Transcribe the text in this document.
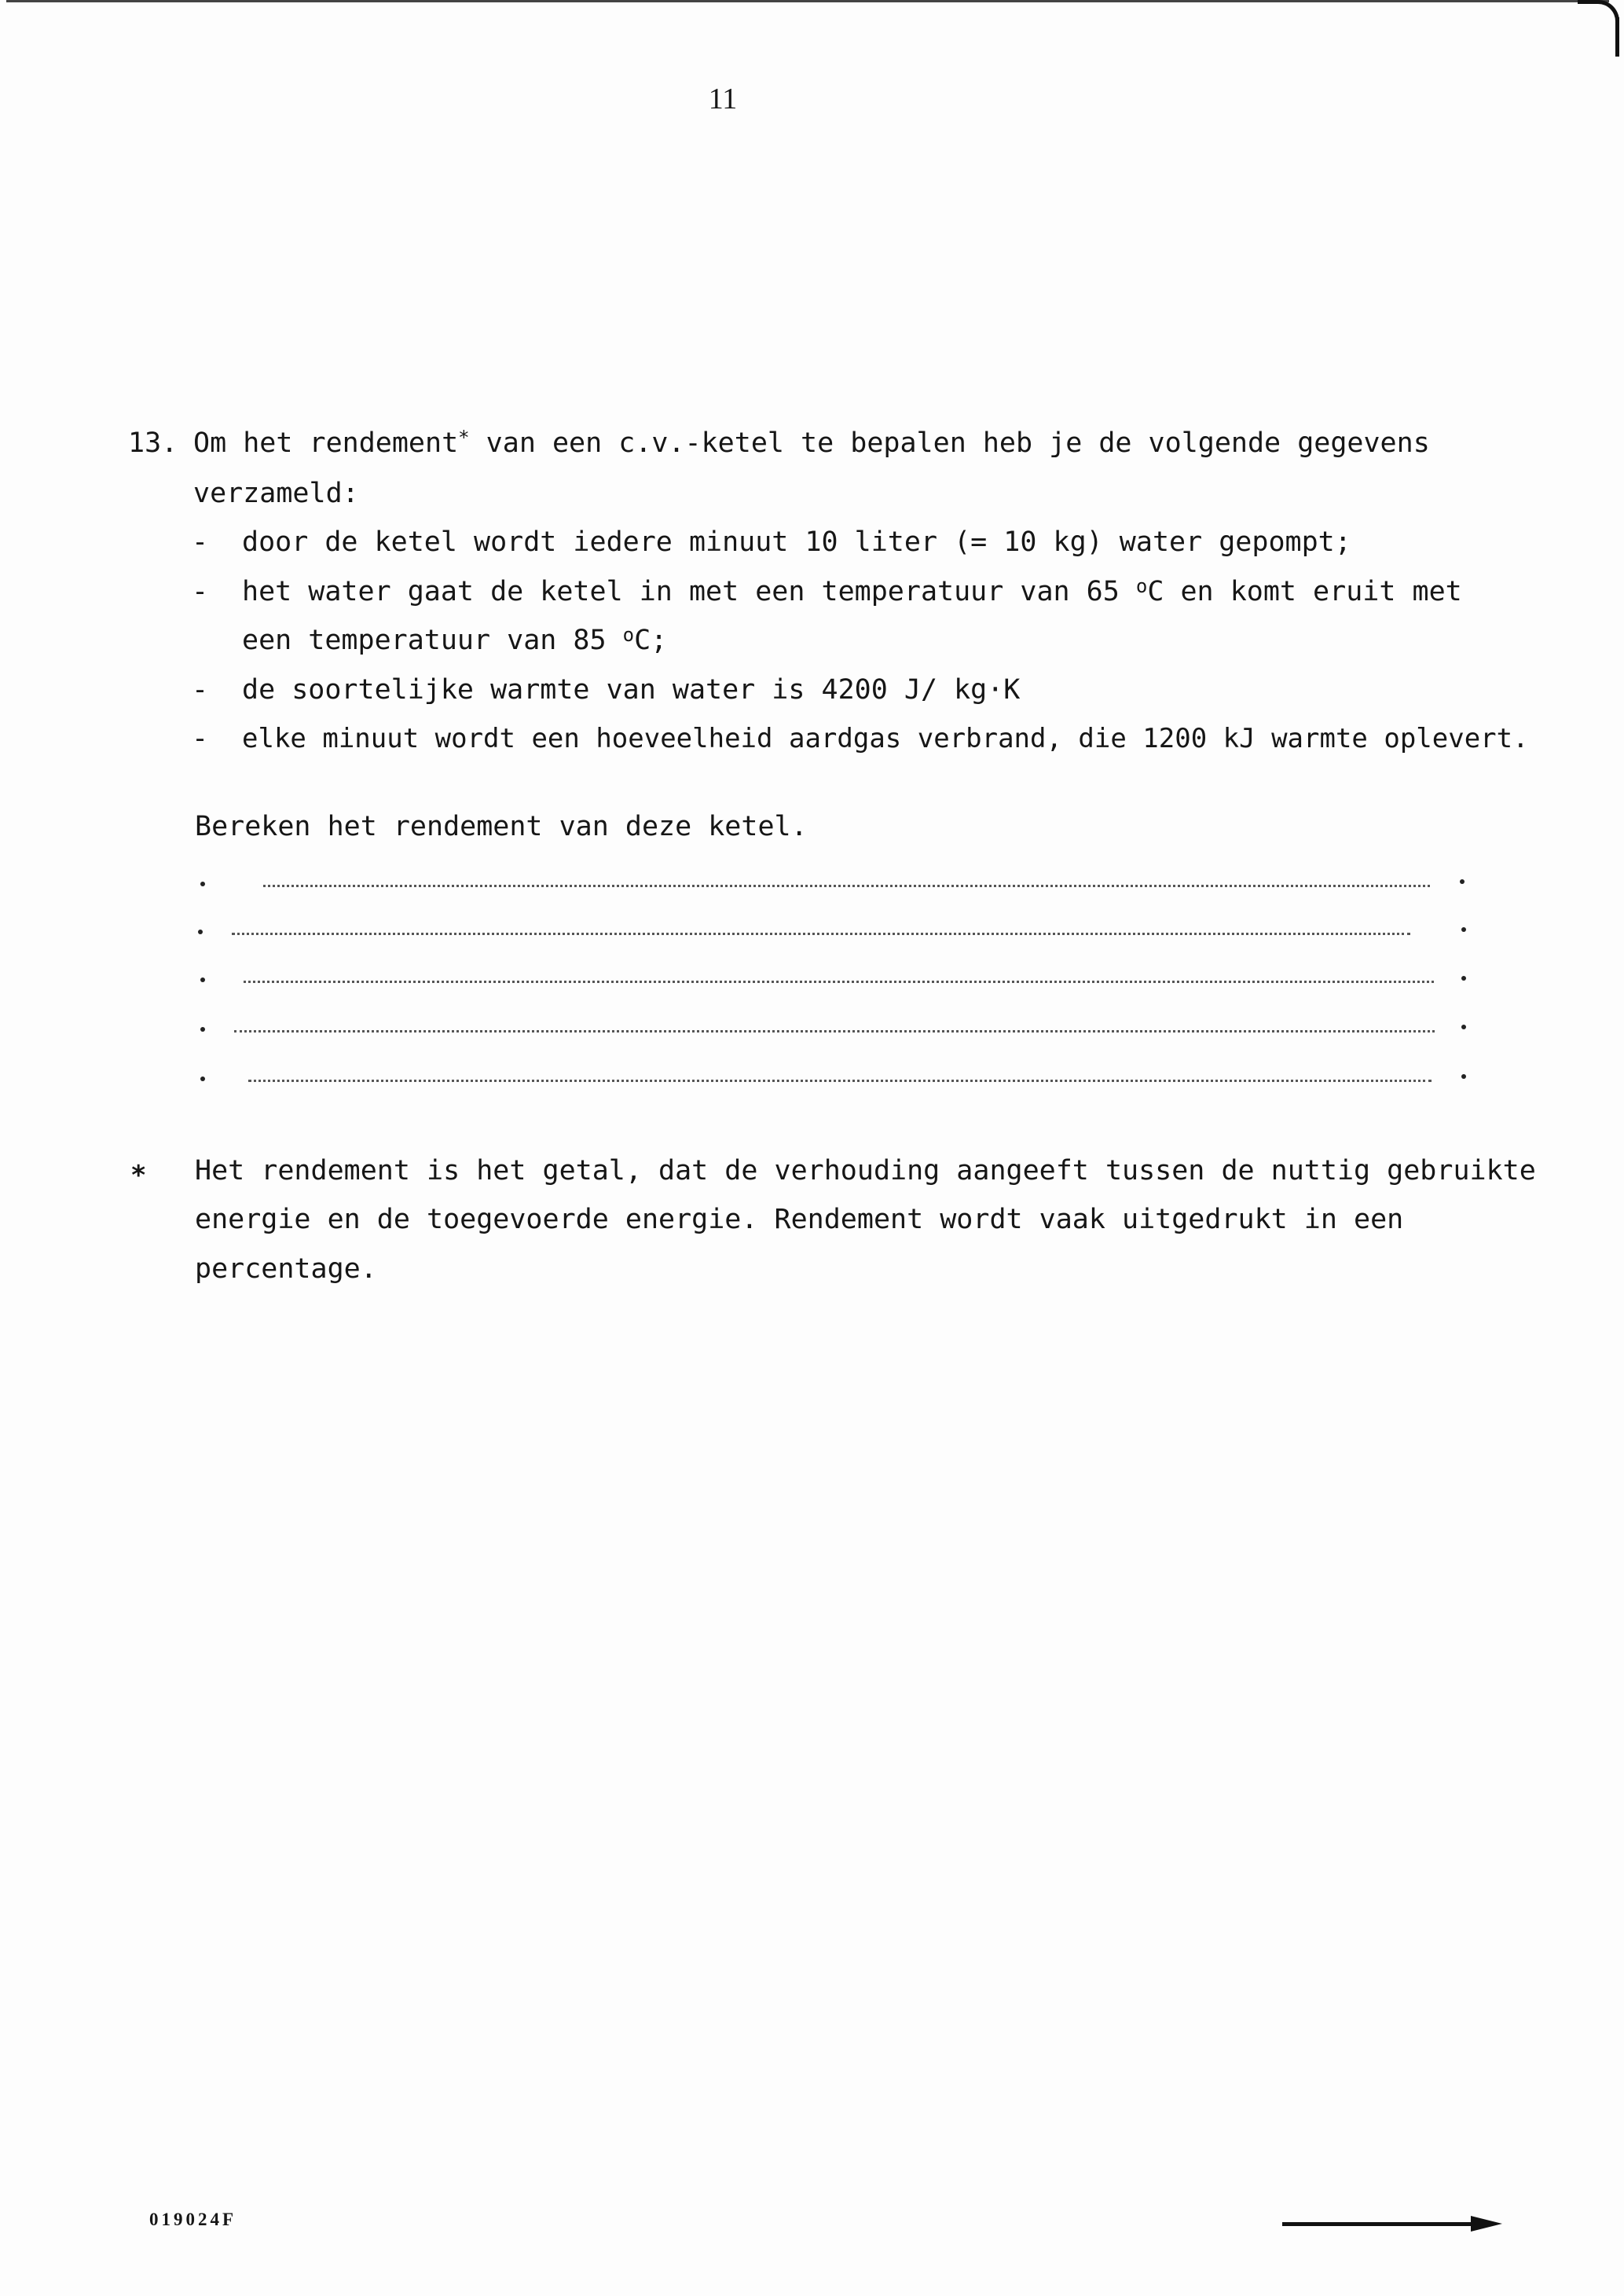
11
13. Om het rendement* van een c.v.-ketel te bepalen heb je de volgende gegevens
verzameld:
- door de ketel wordt iedere minuut 10 liter (= 10 kg) water gepompt;
- het water gaat de ketel in met een temperatuur van 65 $^o$C en komt eruit met
een temperatuur van 85 $^o$C;
- de soortelijke warmte van water is 4200 J/ kg·K
- elke minuut wordt een hoeveelheid aardgas verbrand, die 1200 kJ warmte oplevert.
Bereken het rendement van deze ketel.
* Het rendement is het getal, dat de verhouding aangeeft tussen de nuttig gebruikte
energie en de toegevoerde energie. Rendement wordt vaak uitgedrukt in een
percentage.
019024F
